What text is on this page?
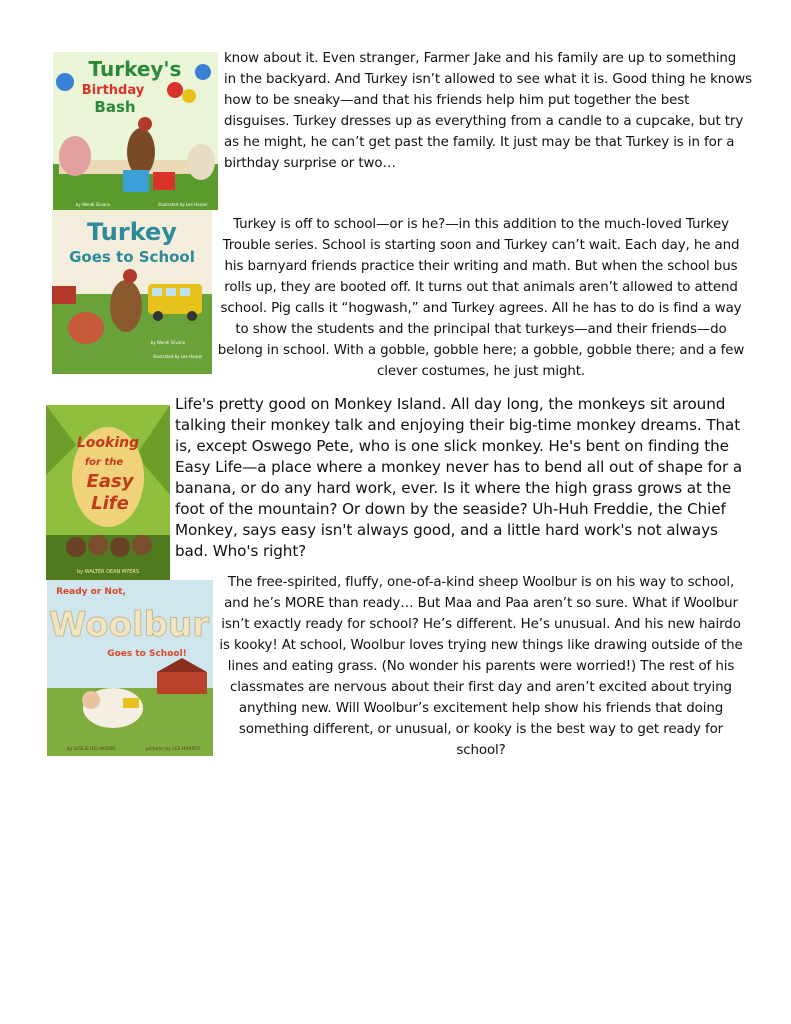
Turkey's
Birthday
Bash
by Wendi Silvano	illustrated by Lee Harper
know about it. Even stranger, Farmer Jake and his family are up to something in the backyard. And Turkey isn’t allowed to see what it is. Good thing he knows how to be sneaky—and that his friends help him put together the best disguises. Turkey dresses up as everything from a candle to a cupcake, but try as he might, he can’t get past the family. It just may be that Turkey is in for a birthday surprise or two…
Turkey
Goes to School
by Wendi Silvano
illustrated by Lee Harper
Turkey is off to school—or is he?—in this addition to the much-loved Turkey Trouble series. School is starting soon and Turkey can’t wait. Each day, he and his barnyard friends practice their writing and math. But when the school bus rolls up, they are booted off. It turns out that animals aren’t allowed to attend school. Pig calls it “hogwash,” and Turkey agrees. All he has to do is find a way to show the students and the principal that turkeys—and their friends—do belong in school. With a gobble, gobble here; a gobble, gobble there; and a few clever costumes, he just might.
Looking
for the
Easy
Life
by WALTER DEAN MYERS
Life's pretty good on Monkey Island. All day long, the monkeys sit around talking their monkey talk and enjoying their big-time monkey dreams. That is, except Oswego Pete, who is one slick monkey. He's bent on finding the Easy Life—a place where a monkey never has to bend all out of shape for a banana, or do any hard work, ever. Is it where the high grass grows at the foot of the mountain? Or down by the seaside? Uh-Huh Freddie, the Chief Monkey, says easy isn't always good, and a little hard work's not always bad. Who's right?
Ready or Not,
Woolbur
Goes to School!
by LESLIE HELAKOSKI	pictures by LEE HARPER
The free-spirited, fluffy, one-of-a-kind sheep Woolbur is on his way to school, and he’s MORE than ready… But Maa and Paa aren’t so sure. What if Woolbur isn’t exactly ready for school? He’s different. He’s unusual. And his new hairdo is kooky! At school, Woolbur loves trying new things like drawing outside of the lines and eating grass. (No wonder his parents were worried!) The rest of his classmates are nervous about their first day and aren’t excited about trying anything new. Will Woolbur’s excitement help show his friends that doing something different, or unusual, or kooky is the best way to get ready for school?
